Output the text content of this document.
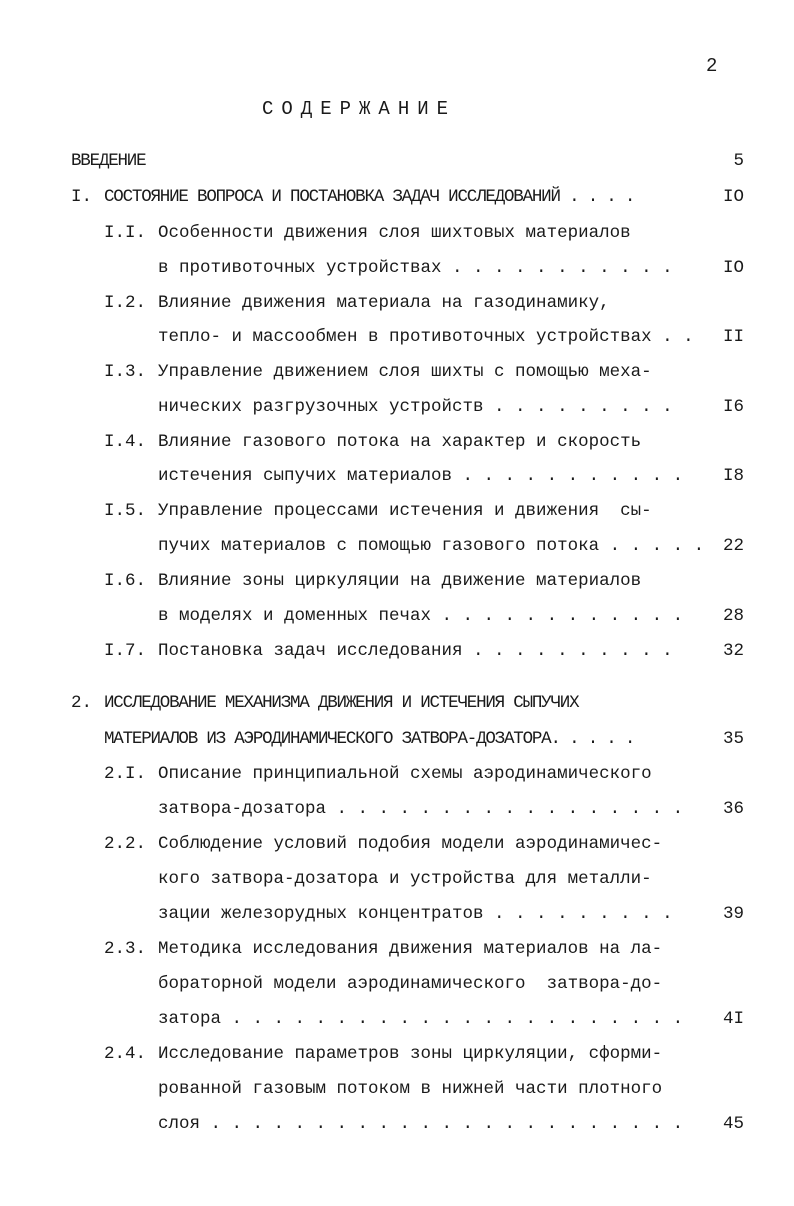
2
СОДЕРЖАНИЕ
ВВЕДЕНИЕ	5
I. СОСТОЯНИЕ ВОПРОСА И ПОСТАНОВКА ЗАДАЧ ИССЛЕДОВАНИЙ . . . .	IO
I.I. Особенности движения слоя шихтовых материалов
в противоточных устройствах . . . . . . . . . . .	IO
I.2. Влияние движения материала на газодинамику,
тепло- и массообмен в противоточных устройствах . . II
I.3. Управление движением слоя шихты с помощью меха-
нических разгрузочных устройств . . . . . . . . .	I6
I.4. Влияние газового потока на характер и скорость
истечения сыпучих материалов . . . . . . . . . . . I8
I.5. Управление процессами истечения и движения  сы-
пучих материалов с помощью газового потока . . . . . 22
I.6. Влияние зоны циркуляции на движение материалов
в моделях и доменных печах . . . . . . . . . . . . 28
I.7. Постановка задач исследования . . . . . . . . . .	32
2. ИССЛЕДОВАНИЕ МЕХАНИЗМА ДВИЖЕНИЯ И ИСТЕЧЕНИЯ СЫПУЧИХ
МАТЕРИАЛОВ ИЗ АЭРОДИНАМИЧЕСКОГО ЗАТВОРА-ДОЗАТОРА. . . . .	35
2.I. Описание принципиальной схемы аэродинамического
затвора-дозатора . . . . . . . . . . . . . . . . . 36
2.2. Соблюдение условий подобия модели аэродинамичес-
кого затвора-дозатора и устройства для металли-
зации железорудных концентратов . . . . . . . . .	39
2.3. Методика исследования движения материалов на ла-
бораторной модели аэродинамического  затвора-до-
затора . . . . . . . . . . . . . . . . . . . . . . 4I
2.4. Исследование параметров зоны циркуляции, сформи-
рованной газовым потоком в нижней части плотного
слоя . . . . . . . . . . . . . . . . . . . . . . . 45
